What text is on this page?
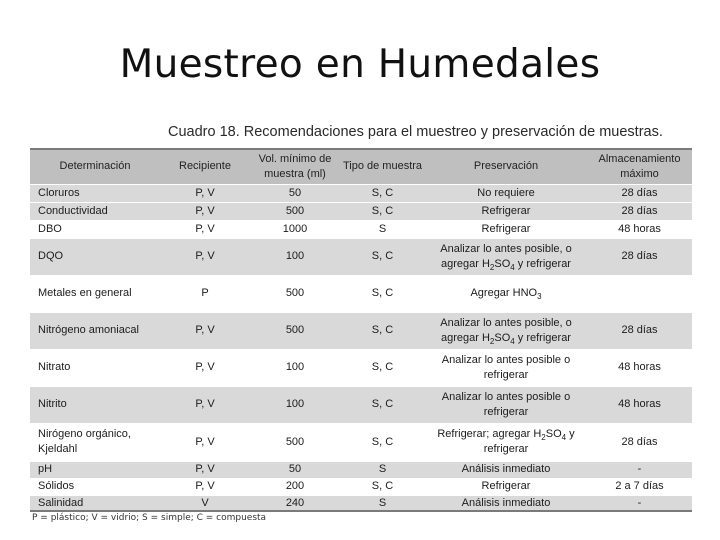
Muestreo en Humedales
Cuadro 18. Recomendaciones para el muestreo y preservación de muestras.
Determinación	Recipiente	Vol. mínimo de muestra (ml)	Tipo de muestra	Preservación	Almacenamiento máximo
Cloruros	P, V	50	S, C	No requiere	28 días
Conductividad	P, V	500	S, C	Refrigerar	28 días
DBO	P, V	1000	S	Refrigerar	48 horas
DQO	P, V	100	S, C	Analizar lo antes posible, o
agregar $H_2SO_4$ y refrigerar	28 días
Metales en general	P	500	S, C	Agregar $HNO_3$	
Nitrógeno amoniacal	P, V	500	S, C	Analizar lo antes posible, o
agregar $H_2SO_4$ y refrigerar	28 días
Nitrato	P, V	100	S, C	Analizar lo antes posible o
refrigerar	48 horas
Nitrito	P, V	100	S, C	Analizar lo antes posible o
refrigerar	48 horas
Nirógeno orgánico,
Kjeldahl	P, V	500	S, C	Refrigerar; agregar $H_2SO_4$ y
refrigerar	28 días
pH	P, V	50	S	Análisis inmediato	-
Sólidos	P, V	200	S, C	Refrigerar	2 a 7 días
Salinidad	V	240	S	Análisis inmediato	-
P = plástico; V = vidrio; S = simple; C = compuesta
